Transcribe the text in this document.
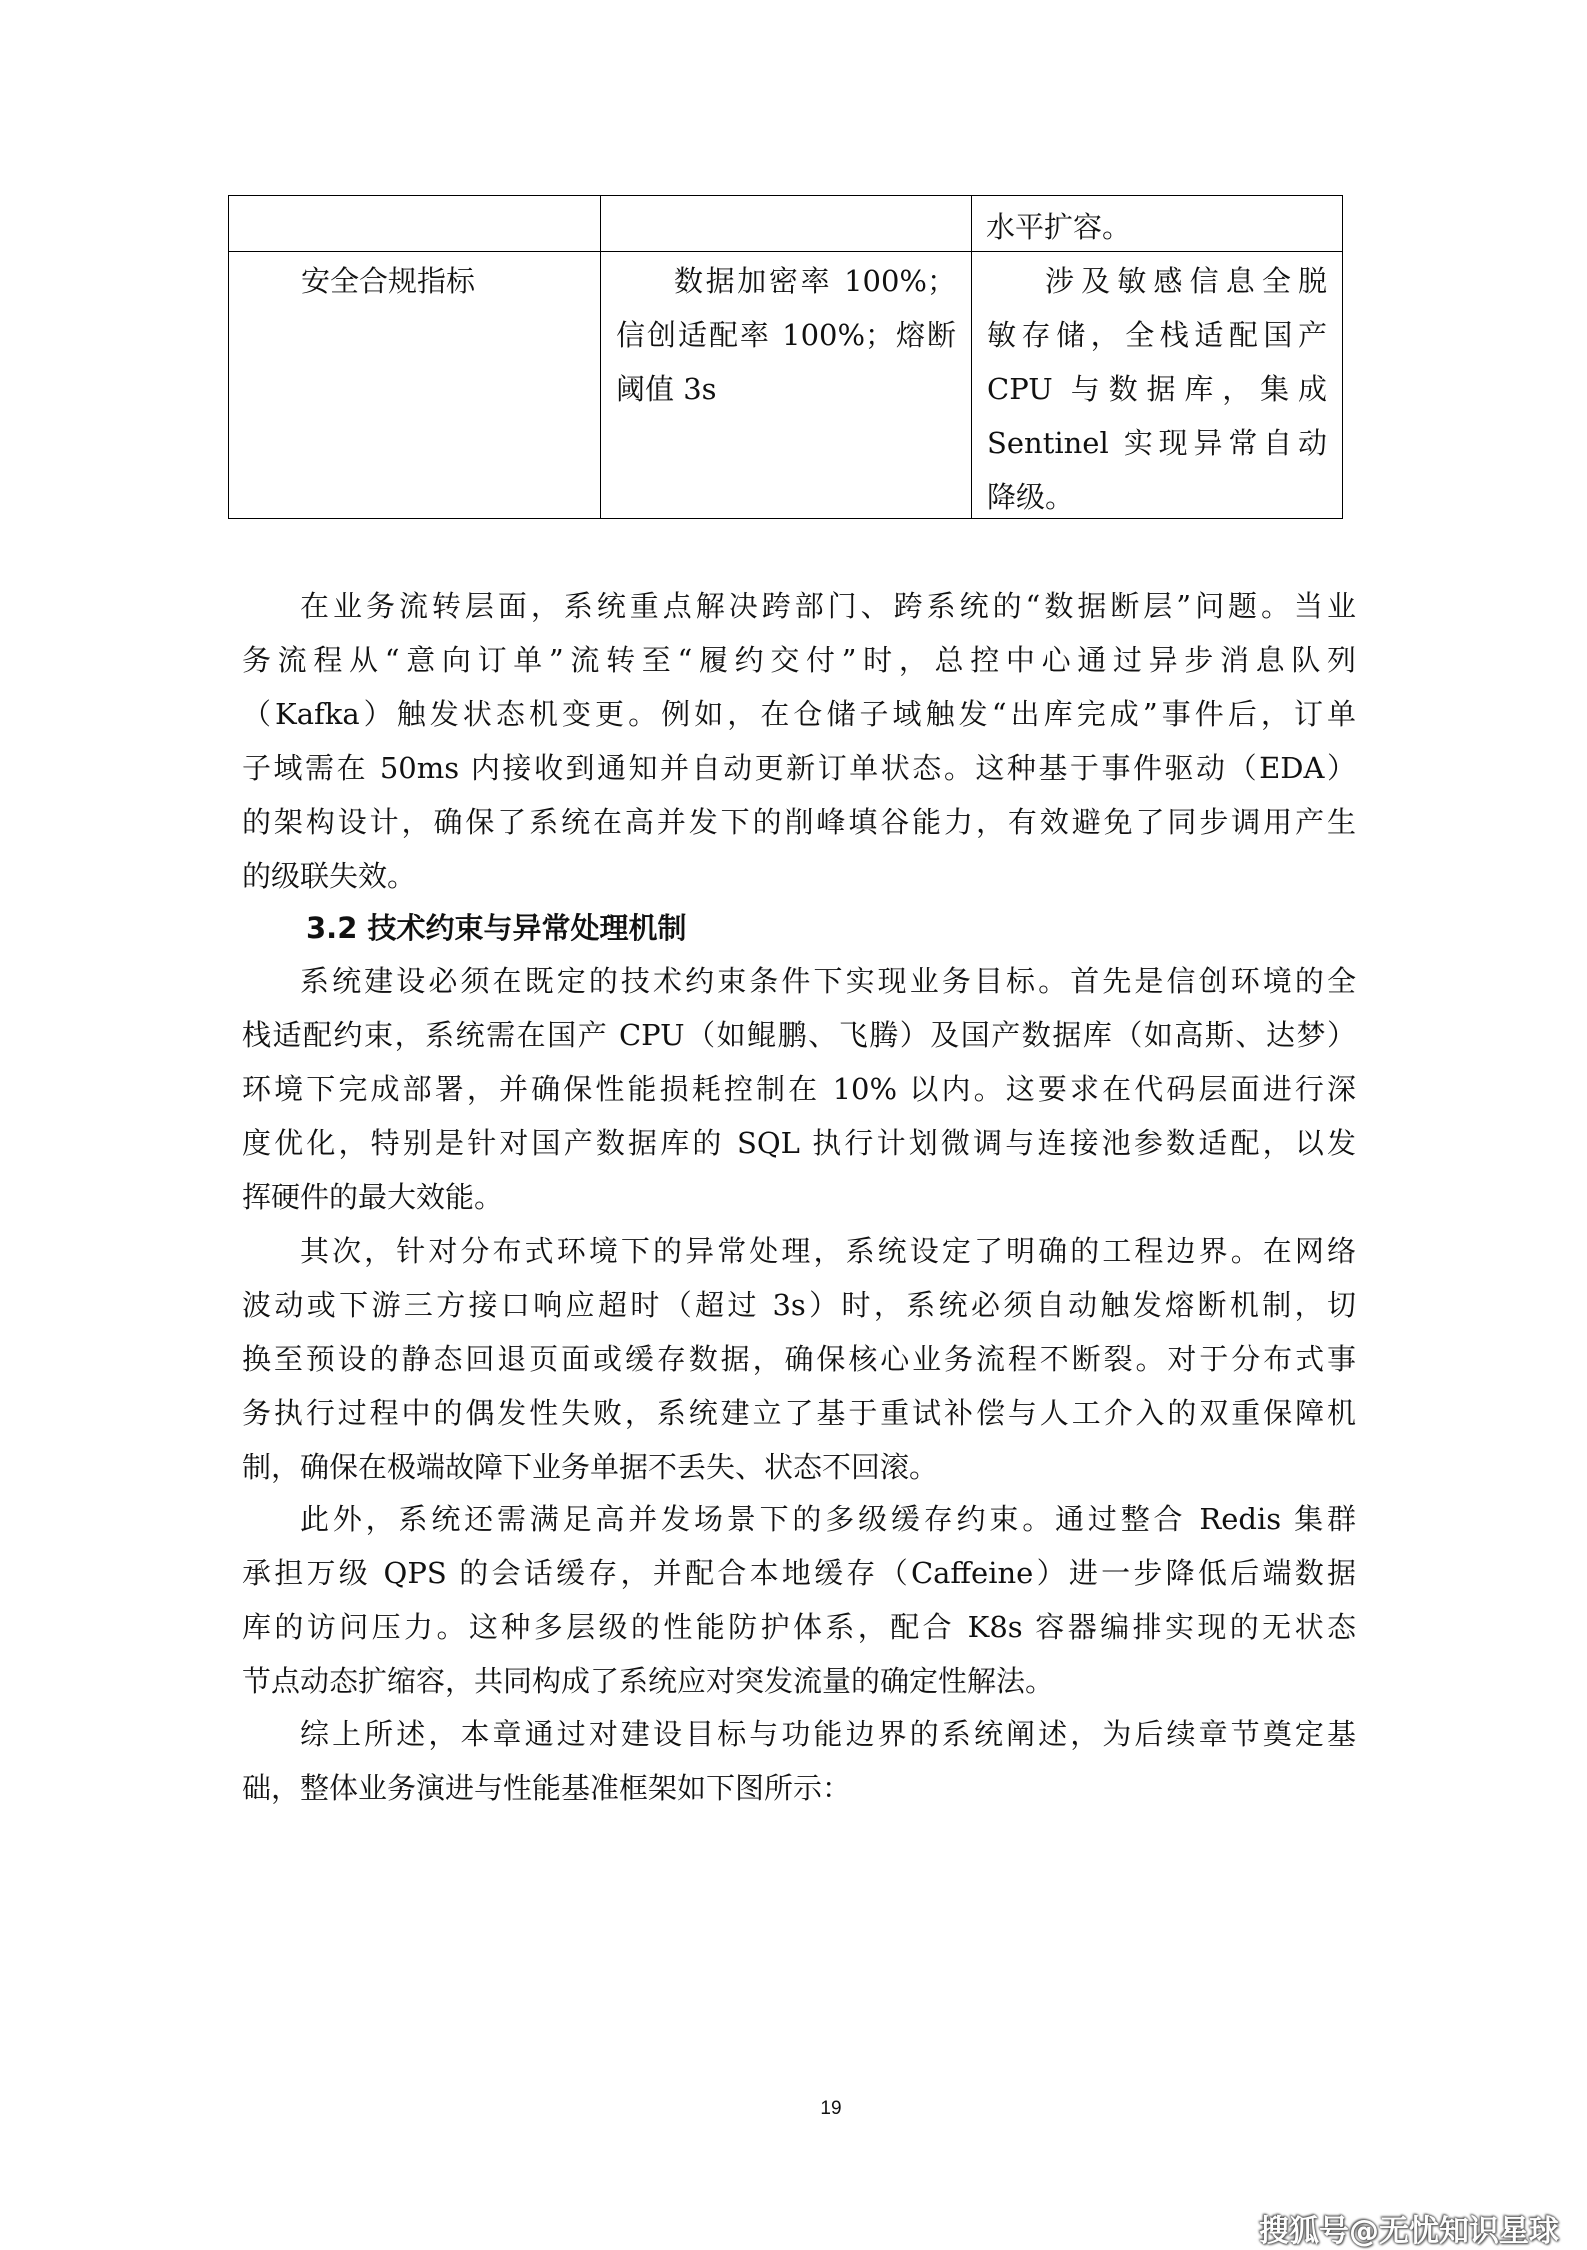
水平扩容。
安全合规指标	数据加密率 100%；
信创适配率 100%；熔断
阈值 3s
涉及敏感信息全脱
敏存储，全栈适配国产
CPU 与数据库，集成
Sentinel 实现异常自动
降级。
在业务流转层面，系统重点解决跨部门、跨系统的“数据断层”问题。当业
务流程从“意向订单”流转至“履约交付”时，总控中心通过异步消息队列
（Kafka）触发状态机变更。例如，在仓储子域触发“出库完成”事件后，订单
子域需在 50ms 内接收到通知并自动更新订单状态。这种基于事件驱动（EDA）
的架构设计，确保了系统在高并发下的削峰填谷能力，有效避免了同步调用产生
的级联失效。
3.2 技术约束与异常处理机制
系统建设必须在既定的技术约束条件下实现业务目标。首先是信创环境的全
栈适配约束，系统需在国产 CPU（如鲲鹏、飞腾）及国产数据库（如高斯、达梦）
环境下完成部署，并确保性能损耗控制在 10% 以内。这要求在代码层面进行深
度优化，特别是针对国产数据库的 SQL 执行计划微调与连接池参数适配，以发
挥硬件的最大效能。
其次，针对分布式环境下的异常处理，系统设定了明确的工程边界。在网络
波动或下游三方接口响应超时（超过 3s）时，系统必须自动触发熔断机制，切
换至预设的静态回退页面或缓存数据，确保核心业务流程不断裂。对于分布式事
务执行过程中的偶发性失败，系统建立了基于重试补偿与人工介入的双重保障机
制，确保在极端故障下业务单据不丢失、状态不回滚。
此外，系统还需满足高并发场景下的多级缓存约束。通过整合 Redis 集群
承担万级 QPS 的会话缓存，并配合本地缓存（Caffeine）进一步降低后端数据
库的访问压力。这种多层级的性能防护体系，配合 K8s 容器编排实现的无状态
节点动态扩缩容，共同构成了系统应对突发流量的确定性解法。
综上所述，本章通过对建设目标与功能边界的系统阐述，为后续章节奠定基
础，整体业务演进与性能基准框架如下图所示：
19
搜狐号@无忧知识星球
